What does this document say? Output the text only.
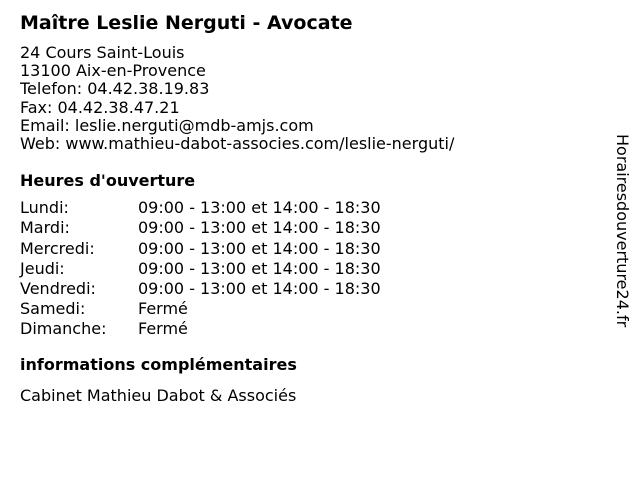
Maître Leslie Nerguti - Avocate
24 Cours Saint-Louis
13100 Aix-en-Provence
Telefon: 04.42.38.19.83
Fax: 04.42.38.47.21
Email: leslie.nerguti@mdb-amjs.com
Web: www.mathieu-dabot-associes.com/leslie-nerguti/
Heures d'ouverture
Lundi:	09:00 - 13:00 et 14:00 - 18:30
Mardi:	09:00 - 13:00 et 14:00 - 18:30
Mercredi:	09:00 - 13:00 et 14:00 - 18:30
Jeudi:	09:00 - 13:00 et 14:00 - 18:30
Vendredi:	09:00 - 13:00 et 14:00 - 18:30
Samedi:	Fermé
Dimanche:	Fermé
informations complémentaires
Cabinet Mathieu Dabot & Associés
Horairesdouverture24.fr
